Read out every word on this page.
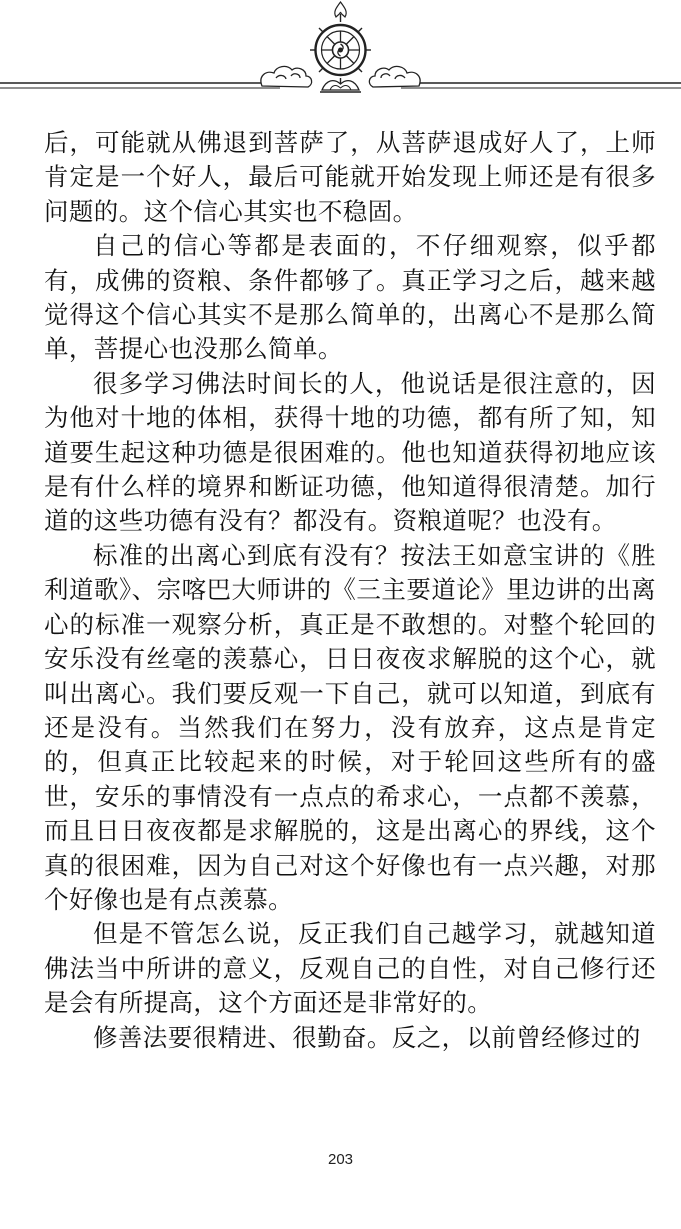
后，可能就从佛退到菩萨了，从菩萨退成好人了，上师肯定是一个好人，最后可能就开始发现上师还是有很多问题的。这个信心其实也不稳固。

自己的信心等都是表面的，不仔细观察，似乎都有，成佛的资粮、条件都够了。真正学习之后，越来越觉得这个信心其实不是那么简单的，出离心不是那么简单，菩提心也没那么简单。

很多学习佛法时间长的人，他说话是很注意的，因为他对十地的体相，获得十地的功德，都有所了知，知道要生起这种功德是很困难的。他也知道获得初地应该是有什么样的境界和断证功德，他知道得很清楚。加行道的这些功德有没有？都没有。资粮道呢？也没有。

标准的出离心到底有没有？按法王如意宝讲的《胜利道歌》、宗喀巴大师讲的《三主要道论》里边讲的出离心的标准一观察分析，真正是不敢想的。对整个轮回的安乐没有丝毫的羡慕心，日日夜夜求解脱的这个心，就叫出离心。我们要反观一下自己，就可以知道，到底有还是没有。当然我们在努力，没有放弃，这点是肯定的，但真正比较起来的时候，对于轮回这些所有的盛世，安乐的事情没有一点点的希求心，一点都不羡慕，而且日日夜夜都是求解脱的，这是出离心的界线，这个真的很困难，因为自己对这个好像也有一点兴趣，对那个好像也是有点羡慕。

但是不管怎么说，反正我们自己越学习，就越知道佛法当中所讲的意义，反观自己的自性，对自己修行还是会有所提高，这个方面还是非常好的。

修善法要很精进、很勤奋。反之，以前曾经修过的

203
